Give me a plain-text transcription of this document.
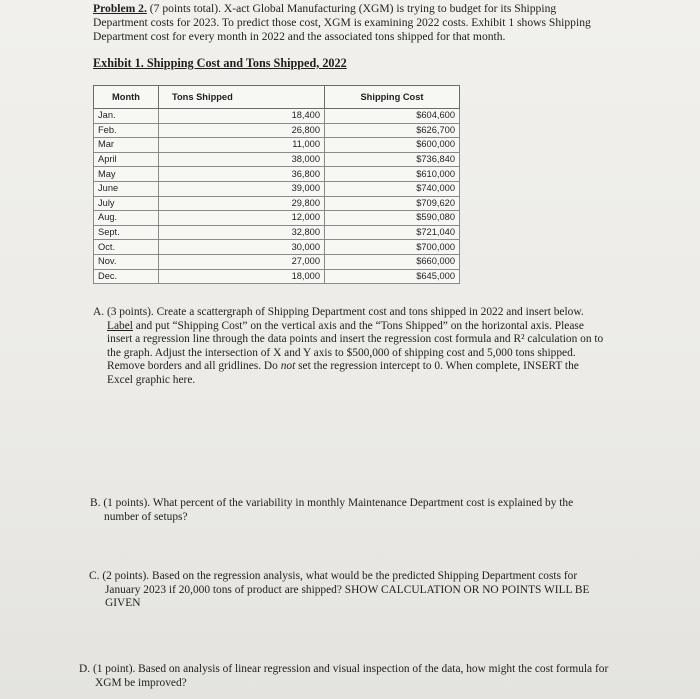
Problem 2. (7 points total). X-act Global Manufacturing (XGM) is trying to budget for its Shipping Department costs for 2023. To predict those cost, XGM is examining 2022 costs. Exhibit 1 shows Shipping Department cost for every month in 2022 and the associated tons shipped for that month.

Exhibit 1. Shipping Cost and Tons Shipped, 2022

Month	Tons Shipped	Shipping Cost
Jan.	18,400	$604,600
Feb.	26,800	$626,700
Mar	11,000	$600,000
April	38,000	$736,840
May	36,800	$610,000
June	39,000	$740,000
July	29,800	$709,620
Aug.	12,000	$590,080
Sept.	32,800	$721,040
Oct.	30,000	$700,000
Nov.	27,000	$660,000
Dec.	18,000	$645,000
A. (3 points). Create a scattergraph of Shipping Department cost and tons shipped in 2022 and insert below. Label and put “Shipping Cost” on the vertical axis and the “Tons Shipped” on the horizontal axis. Please insert a regression line through the data points and insert the regression cost formula and R² calculation on to the graph. Adjust the intersection of X and Y axis to $500,000 of shipping cost and 5,000 tons shipped. Remove borders and all gridlines. Do not set the regression intercept to 0. When complete, INSERT the Excel graphic here.
B. (1 points). What percent of the variability in monthly Maintenance Department cost is explained by the number of setups?
C. (2 points). Based on the regression analysis, what would be the predicted Shipping Department costs for January 2023 if 20,000 tons of product are shipped? SHOW CALCULATION OR NO POINTS WILL BE GIVEN
D. (1 point). Based on analysis of linear regression and visual inspection of the data, how might the cost formula for XGM be improved?
